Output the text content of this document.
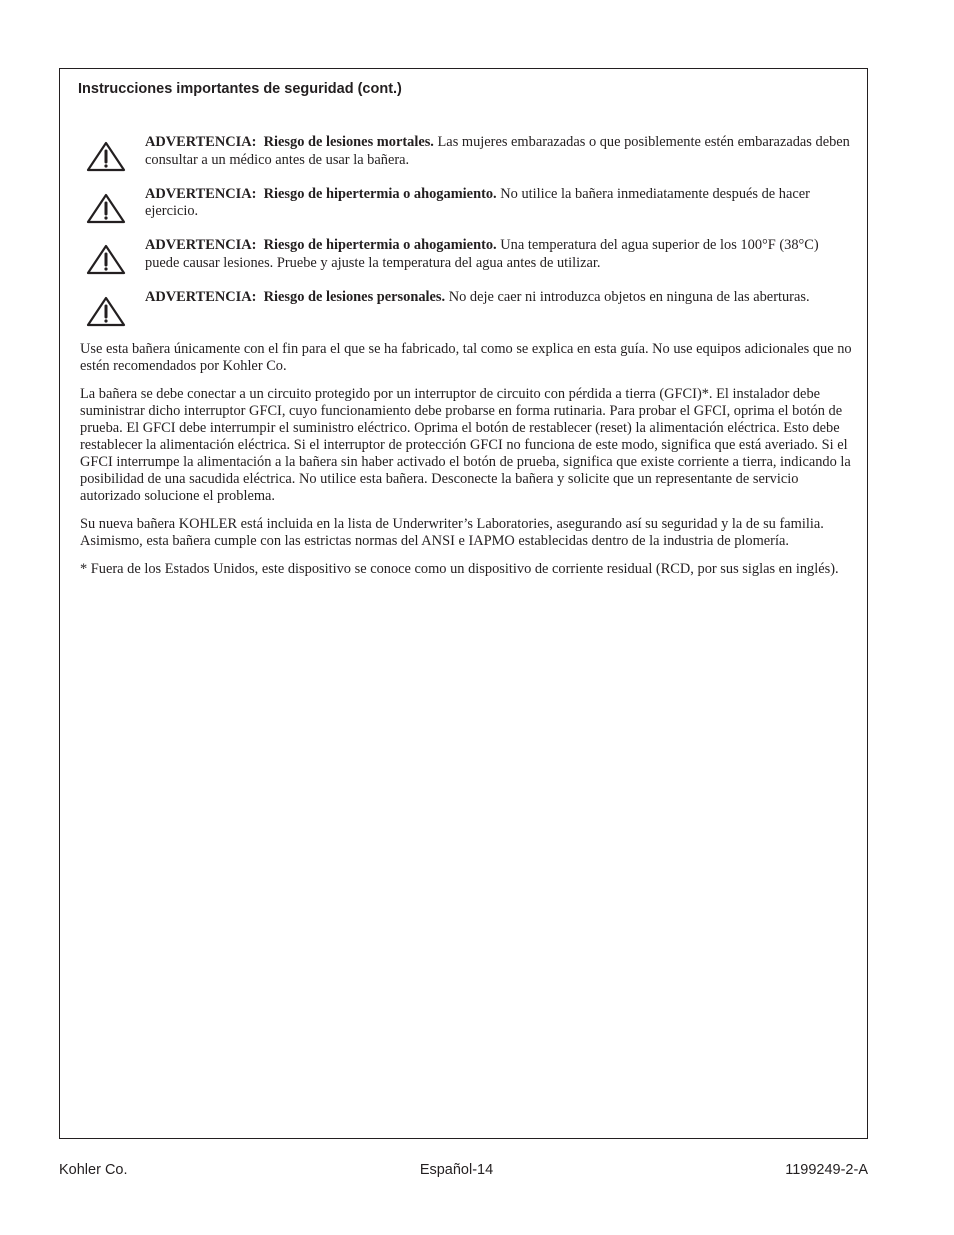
Instrucciones importantes de seguridad (cont.)

ADVERTENCIA: Riesgo de lesiones mortales. Las mujeres embarazadas o que posiblemente estén embarazadas deben consultar a un médico antes de usar la bañera.

ADVERTENCIA: Riesgo de hipertermia o ahogamiento. No utilice la bañera inmediatamente después de hacer ejercicio.

ADVERTENCIA: Riesgo de hipertermia o ahogamiento. Una temperatura del agua superior de los 100°F (38°C) puede causar lesiones. Pruebe y ajuste la temperatura del agua antes de utilizar.

ADVERTENCIA: Riesgo de lesiones personales. No deje caer ni introduzca objetos en ninguna de las aberturas.

Use esta bañera únicamente con el fin para el que se ha fabricado, tal como se explica en esta guía. No use equipos adicionales que no estén recomendados por Kohler Co.

La bañera se debe conectar a un circuito protegido por un interruptor de circuito con pérdida a tierra (GFCI)*. El instalador debe suministrar dicho interruptor GFCI, cuyo funcionamiento debe probarse en forma rutinaria. Para probar el GFCI, oprima el botón de prueba. El GFCI debe interrumpir el suministro eléctrico. Oprima el botón de restablecer (reset) la alimentación eléctrica. Esto debe restablecer la alimentación eléctrica. Si el interruptor de protección GFCI no funciona de este modo, significa que está averiado. Si el GFCI interrumpe la alimentación a la bañera sin haber activado el botón de prueba, significa que existe corriente a tierra, indicando la posibilidad de una sacudida eléctrica. No utilice esta bañera. Desconecte la bañera y solicite que un representante de servicio autorizado solucione el problema.

Su nueva bañera KOHLER está incluida en la lista de Underwriter’s Laboratories, asegurando así su seguridad y la de su familia. Asimismo, esta bañera cumple con las estrictas normas del ANSI e IAPMO establecidas dentro de la industria de plomería.

* Fuera de los Estados Unidos, este dispositivo se conoce como un dispositivo de corriente residual (RCD, por sus siglas en inglés).

Kohler Co.	Español-14	1199249-2-A
